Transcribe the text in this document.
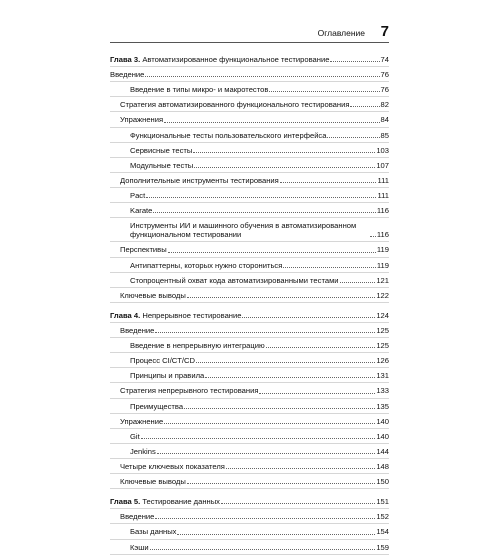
Оглавление 7
Глава 3. Автоматизированное функциональное тестирование	74
Введение	76
Введение в типы микро- и макротестов	76
Стратегия автоматизированного функционального тестирования	82
Упражнения	84
Функциональные тесты пользовательского интерфейса	85
Сервисные тесты	103
Модульные тесты	107
Дополнительные инструменты тестирования	111
Pact	111
Karate	116
Инструменты ИИ и машинного обучения в автоматизированном функциональном тестировании	116
Перспективы	119
Антипаттерны, которых нужно сторониться	119
Стопроцентный охват кода автоматизированными тестами	121
Ключевые выводы	122
Глава 4. Непрерывное тестирование	124
Введение	125
Введение в непрерывную интеграцию	125
Процесс CI/CT/CD	126
Принципы и правила	131
Стратегия непрерывного тестирования	133
Преимущества	135
Упражнение	140
Git	140
Jenkins	144
Четыре ключевых показателя	148
Ключевые выводы	150
Глава 5. Тестирование данных	151
Введение	152
Базы данных	154
Кэши	159
